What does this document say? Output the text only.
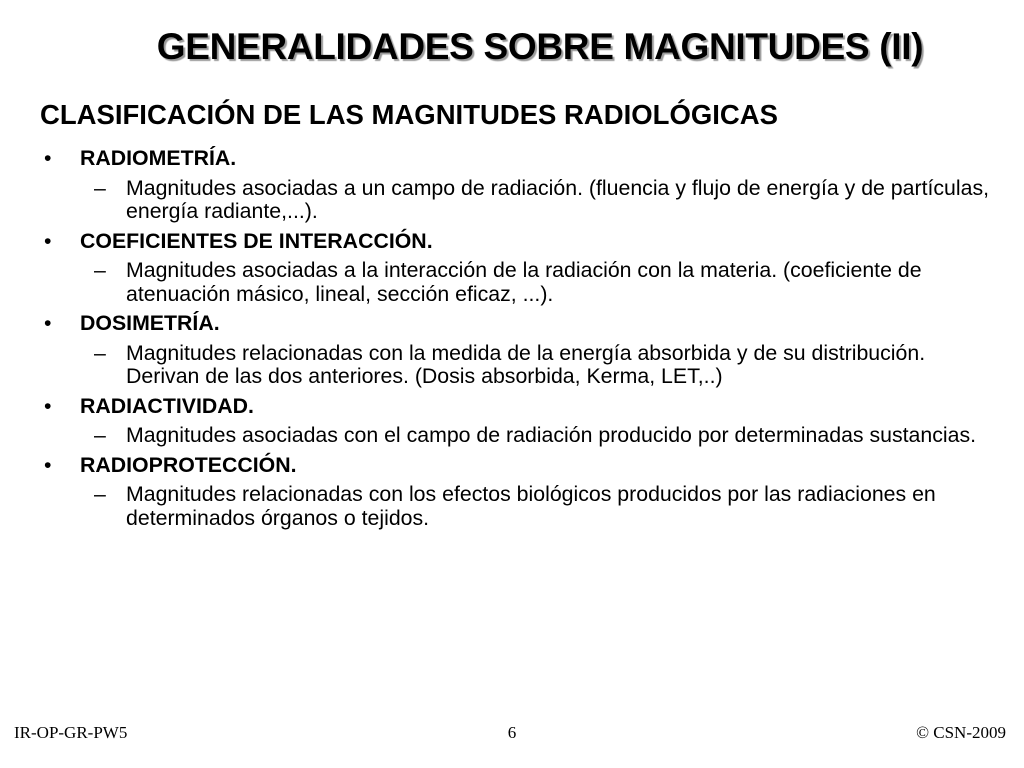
GENERALIDADES SOBRE MAGNITUDES (II)
CLASIFICACIÓN DE LAS MAGNITUDES RADIOLÓGICAS
•	RADIOMETRÍA.
– Magnitudes asociadas a un campo de radiación. (fluencia y flujo de energía y de partículas, energía radiante,...).
•	COEFICIENTES DE INTERACCIÓN.
– Magnitudes asociadas a la interacción de la radiación con la materia. (coeficiente de atenuación másico, lineal, sección eficaz, ...).
•	DOSIMETRÍA.
– Magnitudes relacionadas con la medida de la energía absorbida y de su distribución. Derivan de las dos anteriores. (Dosis absorbida, Kerma, LET,..)
•	RADIACTIVIDAD.
– Magnitudes asociadas con el campo de radiación producido por determinadas sustancias.
•	RADIOPROTECCIÓN.
– Magnitudes relacionadas con los efectos biológicos producidos por las radiaciones en determinados órganos o tejidos.
IR-OP-GR-PW5	6	© CSN-2009
